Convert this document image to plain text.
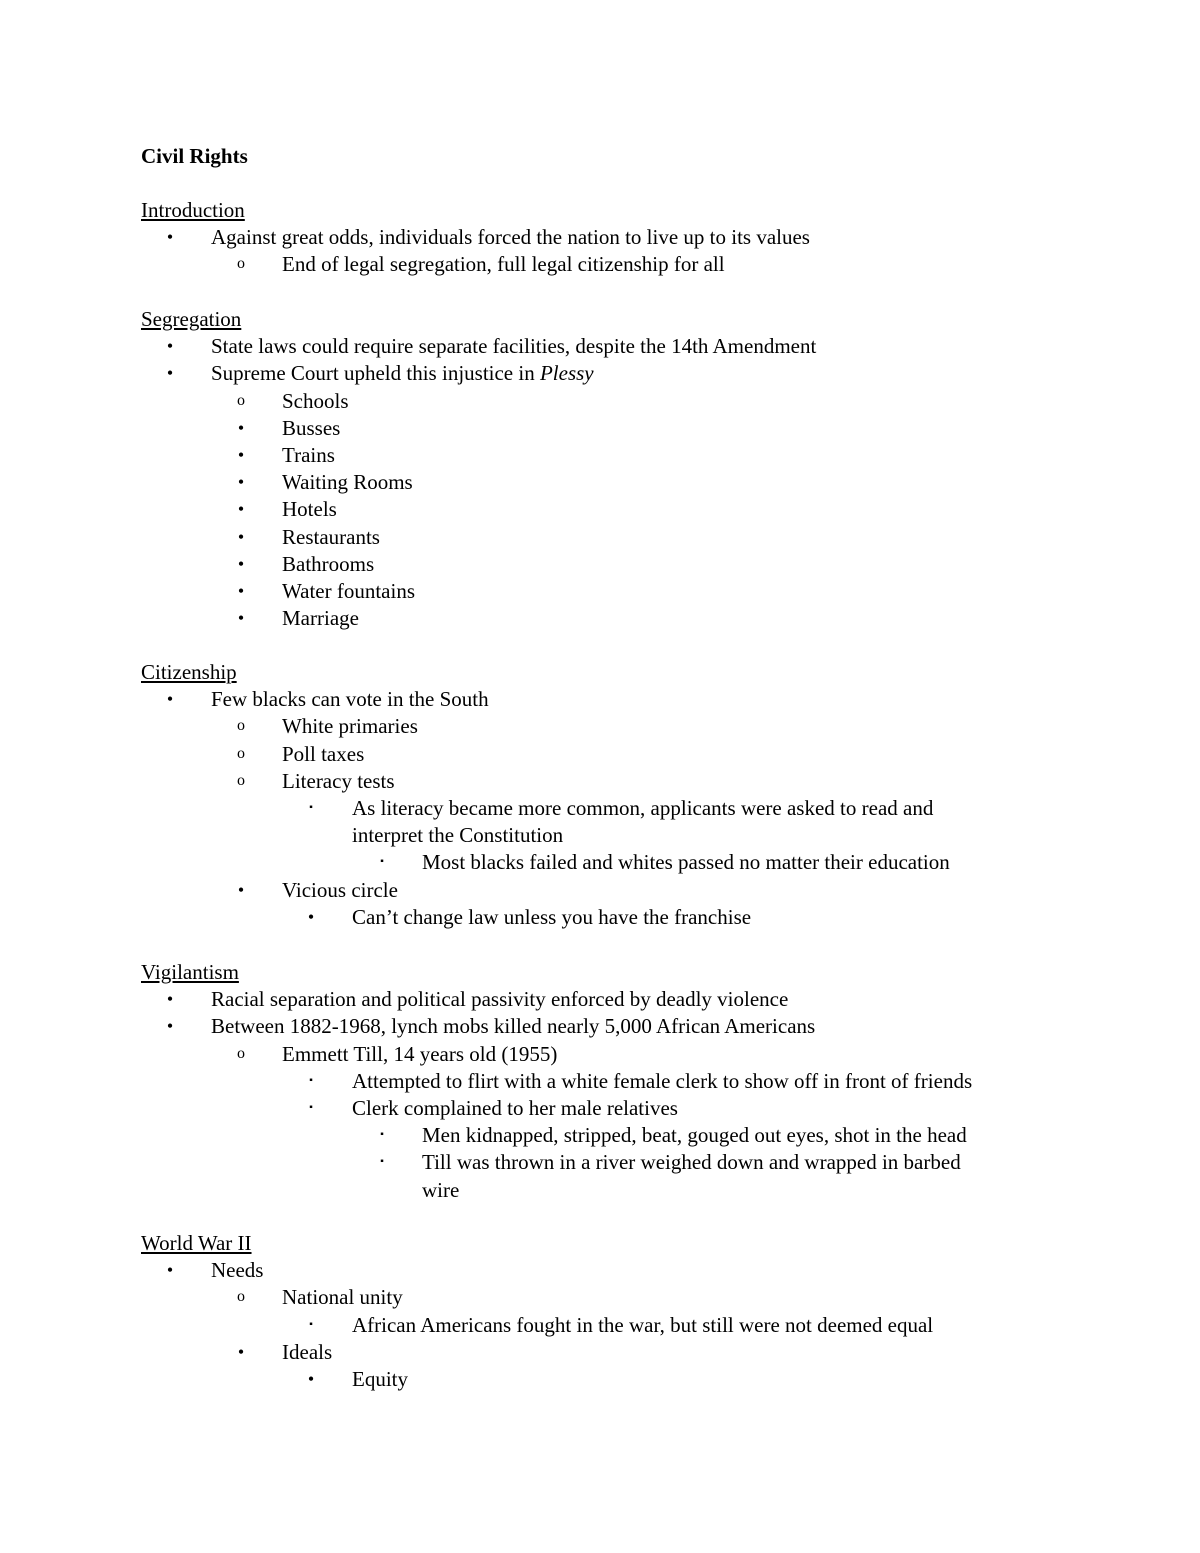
Civil Rights
Introduction
•	Against great odds, individuals forced the nation to live up to its values
o End of legal segregation, full legal citizenship for all
Segregation
•	State laws could require separate facilities, despite the 14th Amendment
•	Supreme Court upheld this injustice in Plessy
o Schools
•	Busses
•	Trains
•	Waiting Rooms
•	Hotels
•	Restaurants
•	Bathrooms
•	Water fountains
•	Marriage
Citizenship
•	Few blacks can vote in the South
o White primaries
o Poll taxes
o Literacy tests
▪	As literacy became more common, applicants were asked to read and
interpret the Constitution
▪	Most blacks failed and whites passed no matter their education
•	Vicious circle
•	Can’t change law unless you have the franchise
Vigilantism
•	Racial separation and political passivity enforced by deadly violence
•	Between 1882-1968, lynch mobs killed nearly 5,000 African Americans
o Emmett Till, 14 years old (1955)
▪	Attempted to flirt with a white female clerk to show off in front of friends
▪	Clerk complained to her male relatives
▪	Men kidnapped, stripped, beat, gouged out eyes, shot in the head
▪	Till was thrown in a river weighed down and wrapped in barbed
wire
World War II
•	Needs
o National unity
▪	African Americans fought in the war, but still were not deemed equal
•	Ideals
•	Equity
